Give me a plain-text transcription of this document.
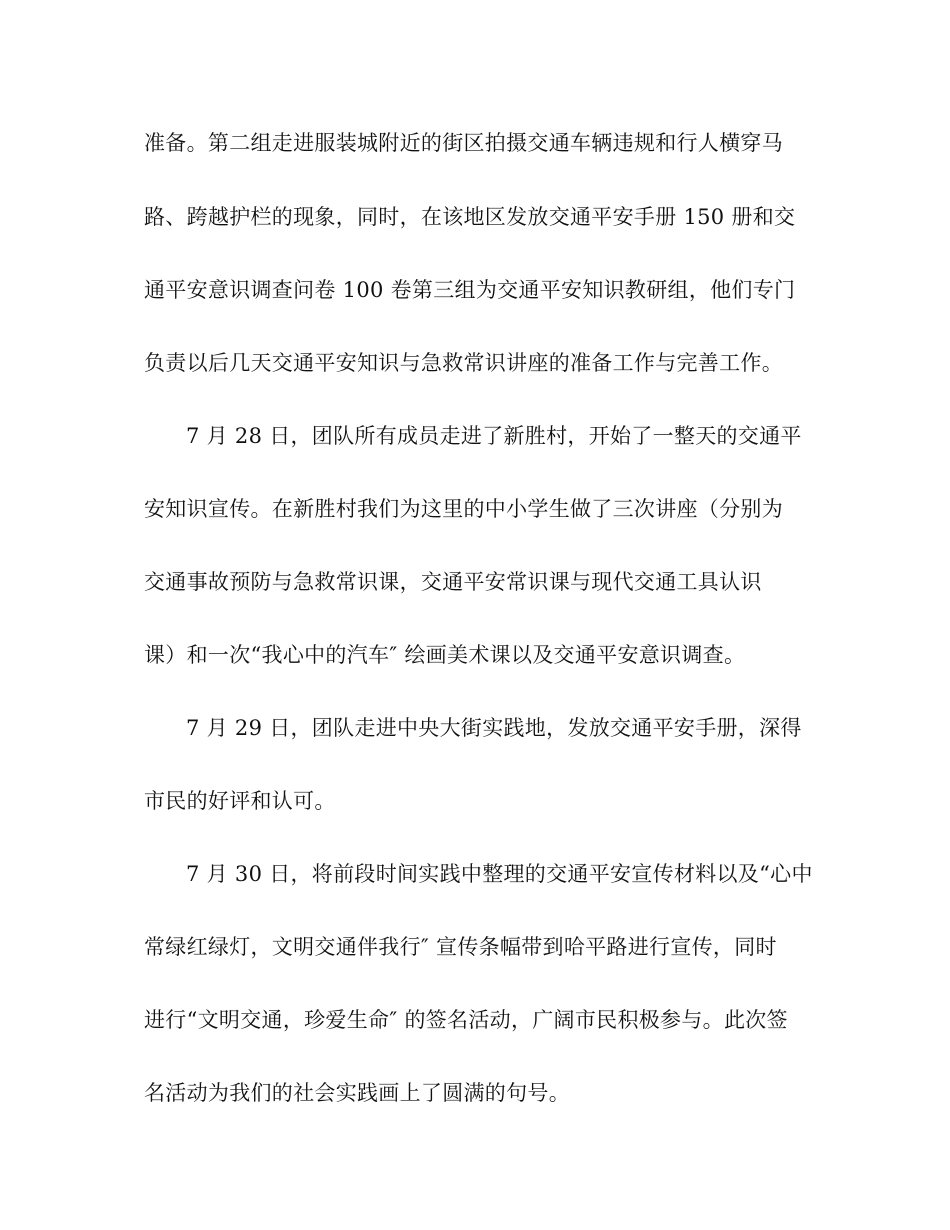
准备。第二组走进服装城附近的街区拍摄交通车辆违规和行人横穿马
路、跨越护栏的现象，同时，在该地区发放交通平安手册 150 册和交
通平安意识调查问卷 100 卷第三组为交通平安知识教研组，他们专门
负责以后几天交通平安知识与急救常识讲座的准备工作与完善工作。
7 月 28 日，团队所有成员走进了新胜村，开始了一整天的交通平
安知识宣传。在新胜村我们为这里的中小学生做了三次讲座（分别为
交通事故预防与急救常识课，交通平安常识课与现代交通工具认识
课）和一次“我心中的汽车″ 绘画美术课以及交通平安意识调查。
7 月 29 日，团队走进中央大街实践地，发放交通平安手册，深得
市民的好评和认可。
7 月 30 日，将前段时间实践中整理的交通平安宣传材料以及“心中
常绿红绿灯，文明交通伴我行″ 宣传条幅带到哈平路进行宣传，同时
进行“文明交通，珍爱生命″ 的签名活动，广阔市民积极参与。此次签
名活动为我们的社会实践画上了圆满的句号。
